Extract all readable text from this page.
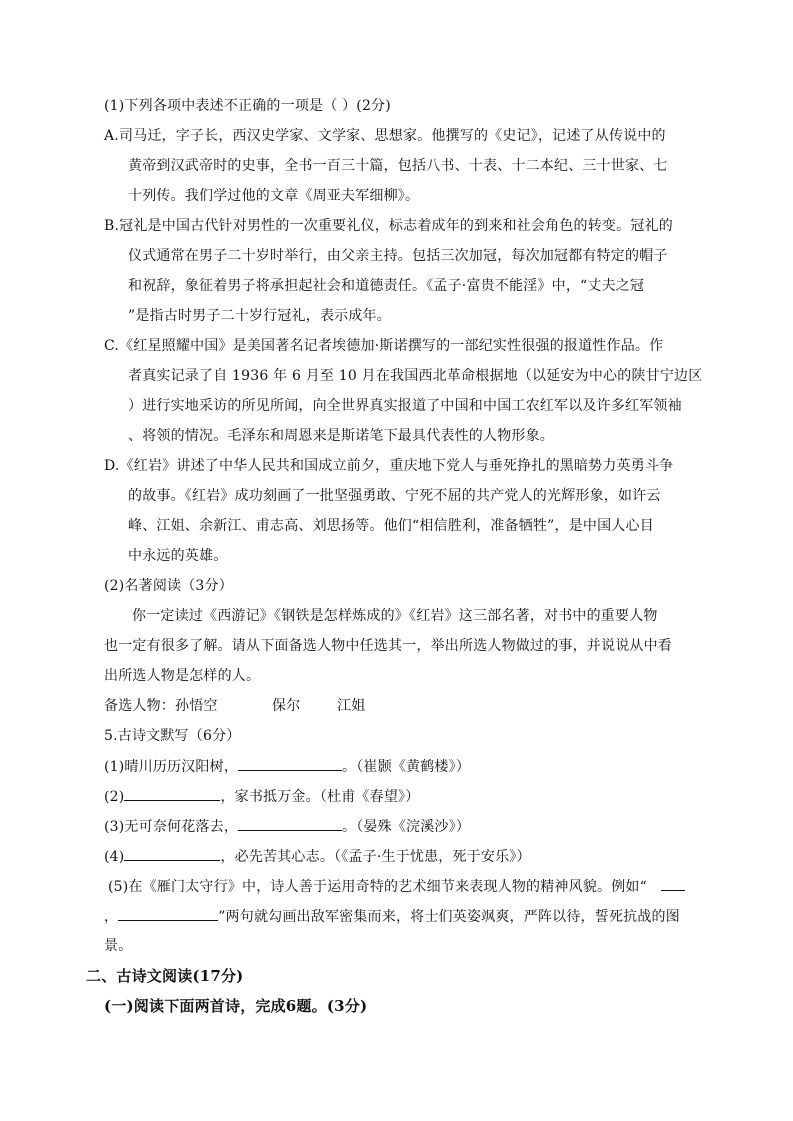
(1)下列各项中表述不正确的一项是（ ）(2分)
A.司马迁，字子长，西汉史学家、文学家、思想家。他撰写的《史记》，记述了从传说中的
黄帝到汉武帝时的史事，全书一百三十篇，包括八书、十表、十二本纪、三十世家、七
十列传。我们学过他的文章《周亚夫军细柳》。
B.冠礼是中国古代针对男性的一次重要礼仪，标志着成年的到来和社会角色的转变。冠礼的
仪式通常在男子二十岁时举行，由父亲主持。包括三次加冠，每次加冠都有特定的帽子
和祝辞，象征着男子将承担起社会和道德责任。《孟子·富贵不能淫》中，“丈夫之冠
”是指古时男子二十岁行冠礼，表示成年。
C.《红星照耀中国》是美国著名记者埃德加·斯诺撰写的一部纪实性很强的报道性作品。作
者真实记录了自 1936 年 6 月至 10 月在我国西北革命根据地（以延安为中心的陕甘宁边区
）进行实地采访的所见所闻，向全世界真实报道了中国和中国工农红军以及许多红军领袖
、将领的情况。毛泽东和周恩来是斯诺笔下最具代表性的人物形象。
D.《红岩》讲述了中华人民共和国成立前夕，重庆地下党人与垂死挣扎的黑暗势力英勇斗争
的故事。《红岩》成功刻画了一批坚强勇敢、宁死不屈的共产党人的光辉形象，如许云
峰、江姐、余新江、甫志高、刘思扬等。他们“相信胜利，准备牺牲”，是中国人心目
中永远的英雄。
(2)名著阅读（3分）
你一定读过《西游记》《钢铁是怎样炼成的》《红岩》这三部名著，对书中的重要人物
也一定有很多了解。请从下面备选人物中任选其一，举出所选人物做过的事，并说说从中看
出所选人物是怎样的人。
备选人物：孙悟空	保尔	江姐
5.古诗文默写（6分）
(1)晴川历历汉阳树，	。（崔颢《黄鹤楼》）
(2)	，家书抵万金。（杜甫《春望》）
(3)无可奈何花落去，	。（晏殊《浣溪沙》）
(4)	，必先苦其心志。（《孟子·生于忧患，死于安乐》）
(5)在《雁门太守行》中，诗人善于运用奇特的艺术细节来表现人物的精神风貌。例如“
，	”两句就勾画出敌军密集而来，将士们英姿飒爽，严阵以待，誓死抗战的图
景。
二、古诗文阅读(17分)
(一)阅读下面两首诗，完成6题。(3分)
